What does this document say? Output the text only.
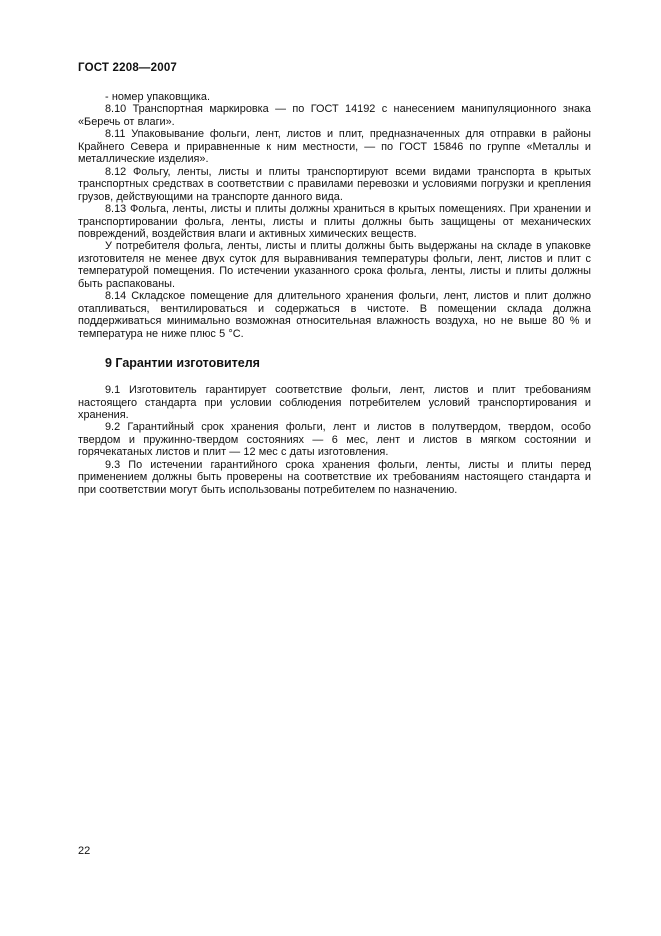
ГОСТ 2208—2007

- номер упаковщика.

8.10 Транспортная маркировка — по ГОСТ 14192 с нанесением манипуляционного знака «Беречь от влаги».

8.11 Упаковывание фольги, лент, листов и плит, предназначенных для отправки в районы Крайнего Севера и приравненные к ним местности, — по ГОСТ 15846 по группе «Металлы и металлические изделия».

8.12 Фольгу, ленты, листы и плиты транспортируют всеми видами транспорта в крытых транспортных средствах в соответствии с правилами перевозки и условиями погрузки и крепления грузов, действующими на транспорте данного вида.

8.13 Фольга, ленты, листы и плиты должны храниться в крытых помещениях. При хранении и транспортировании фольга, ленты, листы и плиты должны быть защищены от механических повреждений, воздействия влаги и активных химических веществ.

У потребителя фольга, ленты, листы и плиты должны быть выдержаны на складе в упаковке изготовителя не менее двух суток для выравнивания температуры фольги, лент, листов и плит с температурой помещения. По истечении указанного срока фольга, ленты, листы и плиты должны быть распакованы.

8.14 Складское помещение для длительного хранения фольги, лент, листов и плит должно отапливаться, вентилироваться и содержаться в чистоте. В помещении склада должна поддерживаться минимально возможная относительная влажность воздуха, но не выше 80 % и температура не ниже плюс 5 °С.

9 Гарантии изготовителя

9.1 Изготовитель гарантирует соответствие фольги, лент, листов и плит требованиям настоящего стандарта при условии соблюдения потребителем условий транспортирования и хранения.

9.2 Гарантийный срок хранения фольги, лент и листов в полутвердом, твердом, особо твердом и пружинно-твердом состояниях — 6 мес, лент и листов в мягком состоянии и горячекатаных листов и плит — 12 мес с даты изготовления.

9.3 По истечении гарантийного срока хранения фольги, ленты, листы и плиты перед применением должны быть проверены на соответствие их требованиям настоящего стандарта и при соответствии могут быть использованы потребителем по назначению.

22
